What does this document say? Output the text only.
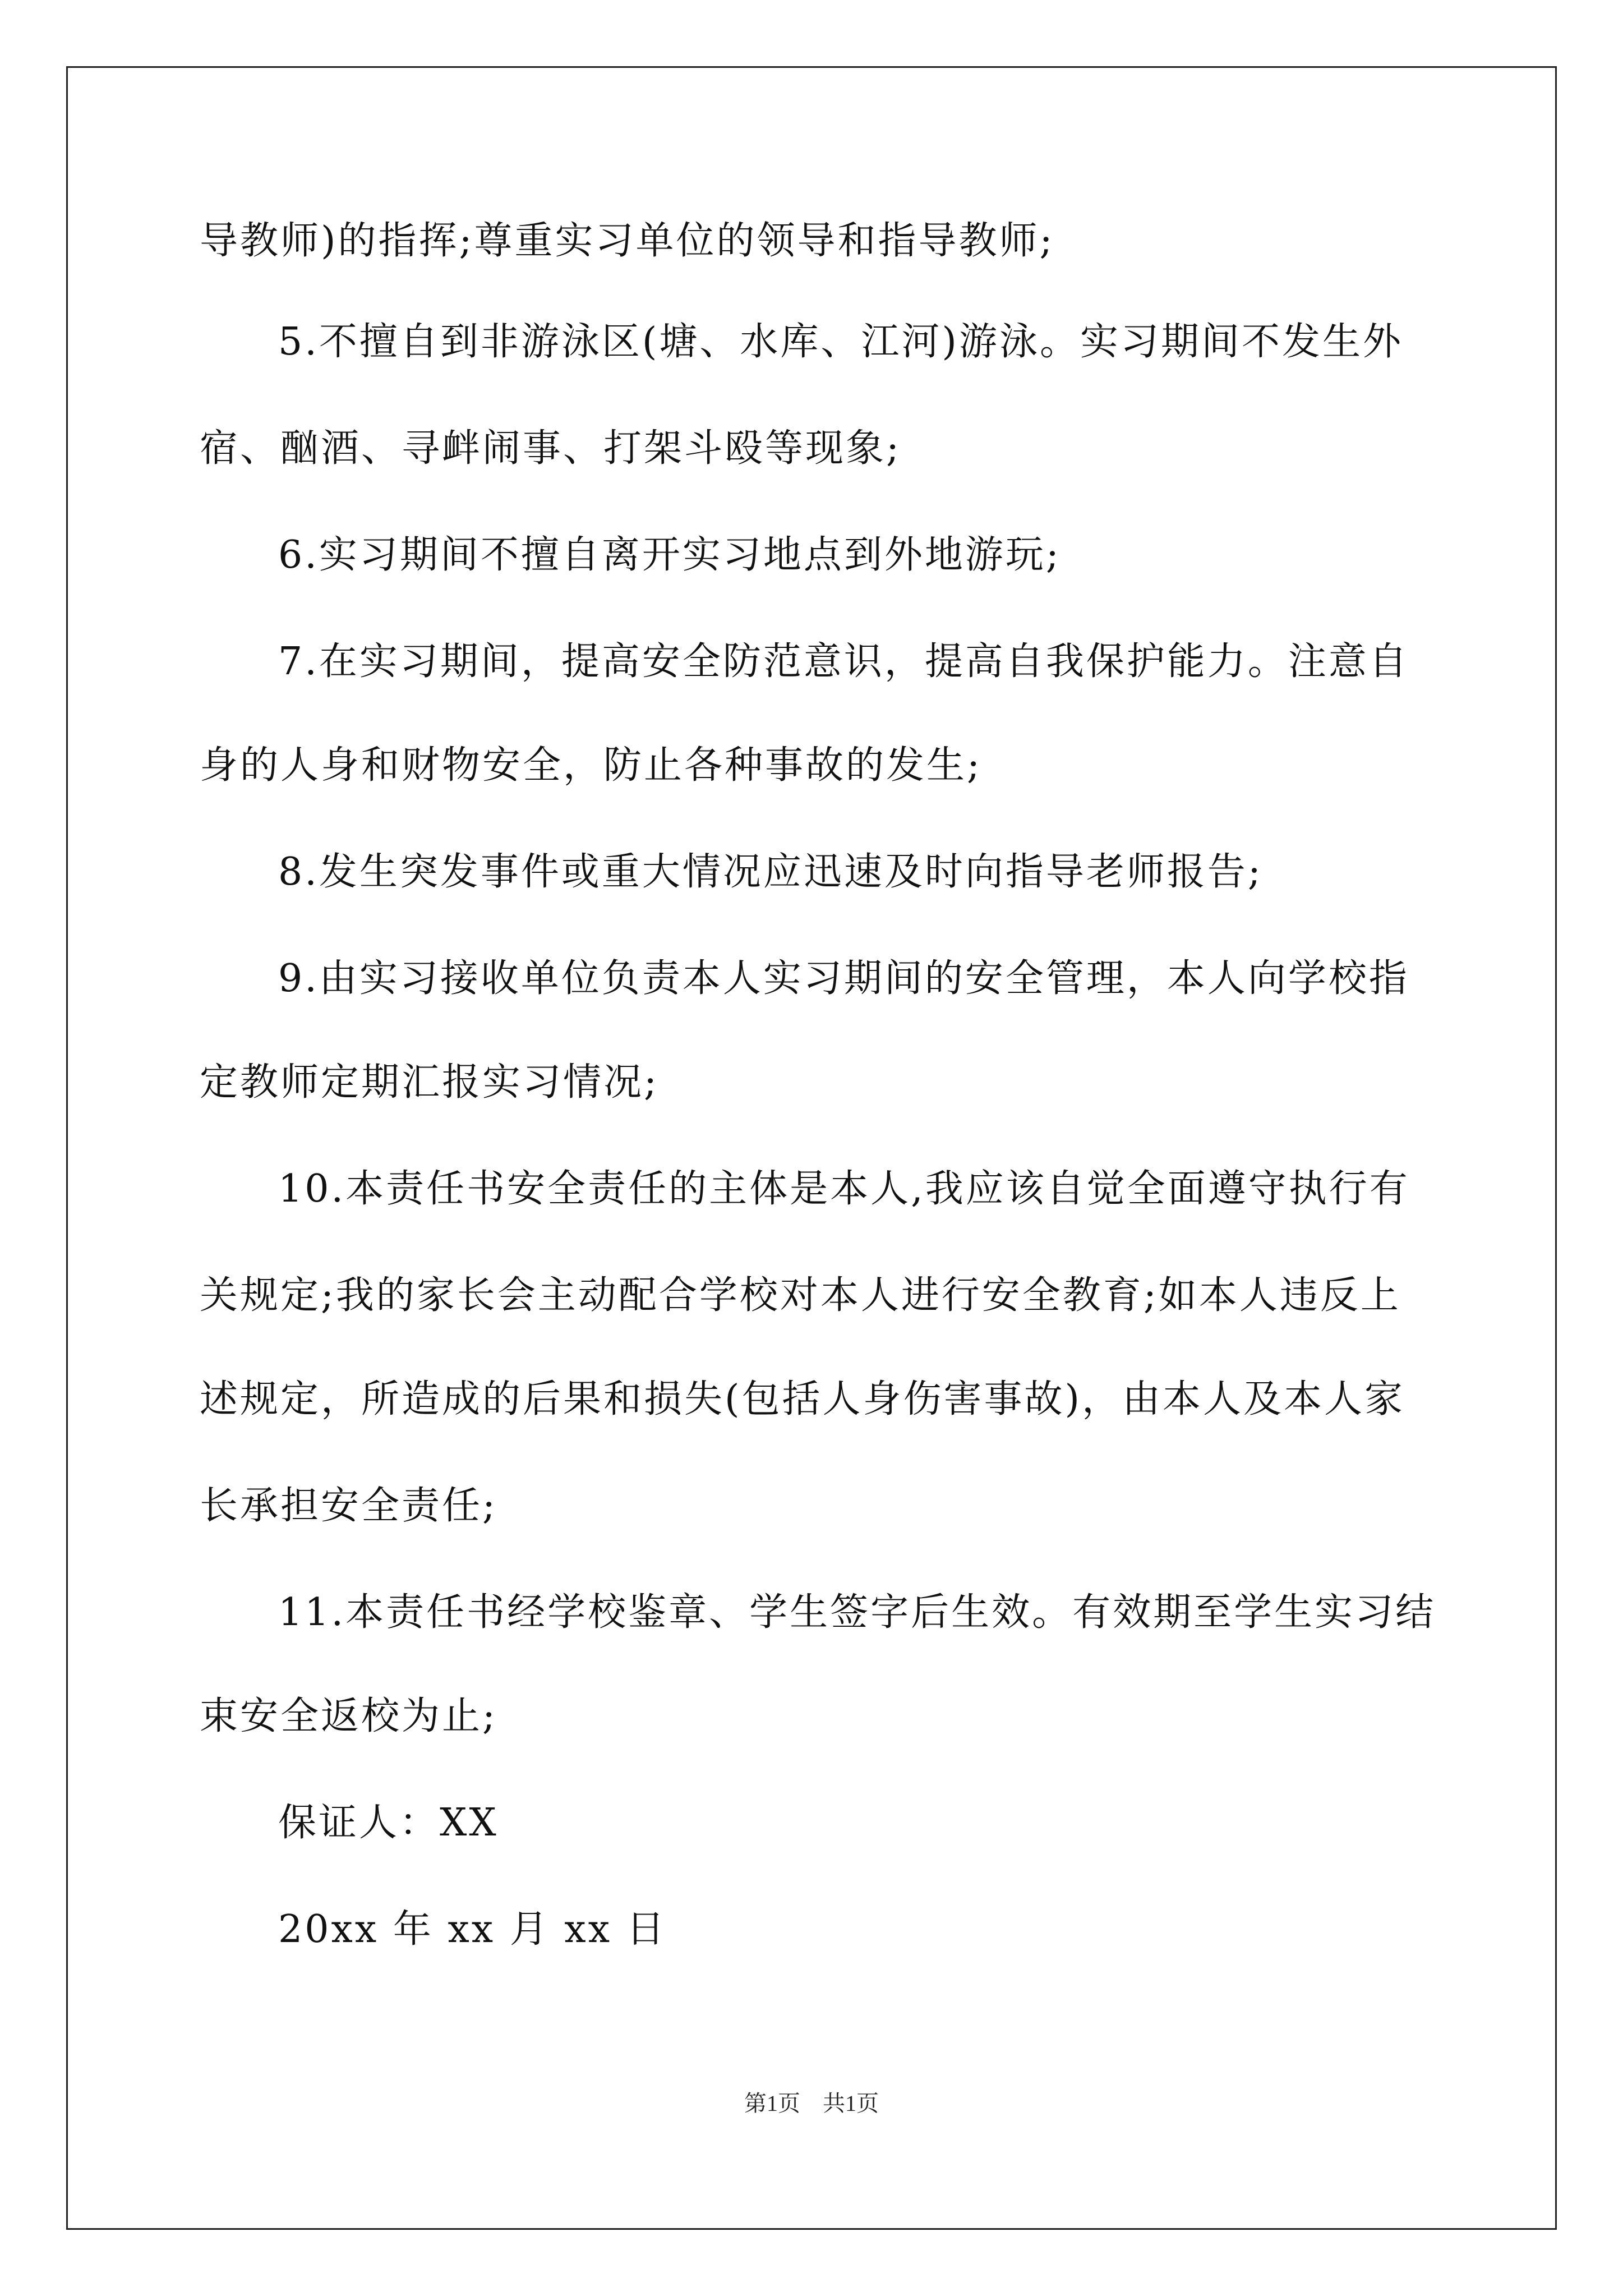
导教师)的指挥;尊重实习单位的领导和指导教师;
5.不擅自到非游泳区(塘、水库、江河)游泳。实习期间不发生外
宿、酗酒、寻衅闹事、打架斗殴等现象;
6.实习期间不擅自离开实习地点到外地游玩;
7.在实习期间，提高安全防范意识，提高自我保护能力。注意自
身的人身和财物安全，防止各种事故的发生;
8.发生突发事件或重大情况应迅速及时向指导老师报告;
9.由实习接收单位负责本人实习期间的安全管理，本人向学校指
定教师定期汇报实习情况;
10.本责任书安全责任的主体是本人,我应该自觉全面遵守执行有
关规定;我的家长会主动配合学校对本人进行安全教育;如本人违反上
述规定，所造成的后果和损失(包括人身伤害事故)，由本人及本人家
长承担安全责任;
11.本责任书经学校鉴章、学生签字后生效。有效期至学生实习结
束安全返校为止;
保证人：XX
20xx 年 xx 月 xx 日
第1页　共1页
